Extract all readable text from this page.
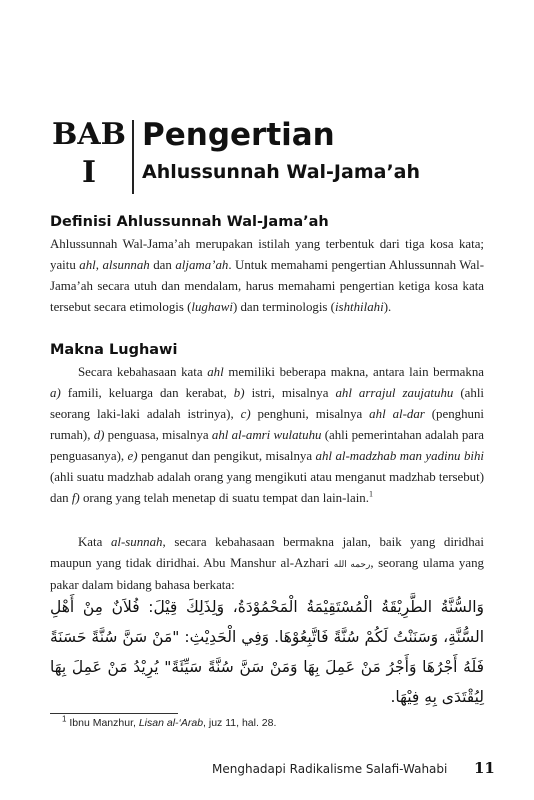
BAB
I
Pengertian
Ahlussunnah Wal-Jama’ah
Definisi Ahlussunnah Wal-Jama’ah

Ahlussunnah Wal-Jama’ah merupakan istilah yang terbentuk dari tiga kosa kata; yaitu ahl, alsunnah dan aljama’ah. Untuk memahami pengertian Ahlussunnah Wal-Jama’ah secara utuh dan mendalam, harus memahami pengertian ketiga kosa kata tersebut secara etimologis (lughawi) dan terminologis (ishthilahi).

Makna Lughawi

Secara kebahasaan kata ahl memiliki beberapa makna, antara lain bermakna a) famili, keluarga dan kerabat, b) istri, misalnya ahl arrajul zaujatuhu (ahli seorang laki-laki adalah istrinya), c) penghuni, misalnya ahl al-dar (penghuni rumah), d) penguasa, misalnya ahl al-amri wulatuhu (ahli pemerintahan adalah para penguasanya), e) penganut dan pengikut, misalnya ahl al-madzhab man yadinu bihi (ahli suatu madzhab adalah orang yang mengikuti atau menganut madzhab tersebut) dan f) orang yang telah menetap di suatu tempat dan lain-lain.$^1$

Kata al-sunnah, secara kebahasaan bermakna jalan, baik yang diridhai maupun yang tidak diridhai. Abu Manshur al-Azhari رحمه الله, seorang ulama yang pakar dalam bidang bahasa berkata:

وَالسُّنَّةُ الطَّرِيْقَةُ الْمُسْتَقِيْمَةُ الْمَحْمُوْدَةُ، وَلِذَلِكَ قِيْلَ: فُلاَنٌ مِنْ أَهْلِ السُّنَّةِ، وَسَنَنْتُ لَكُمْ سُنَّةً فَاتَّبِعُوْهَا. وَفِي الْحَدِيْثِ: "مَنْ سَنَّ سُنَّةً حَسَنَةً فَلَهُ أَجْرُهَا وَأَجْرُ مَنْ عَمِلَ بِهَا وَمَنْ سَنَّ سُنَّةً سَيِّئَةً" يُرِيْدُ مَنْ عَمِلَ بِهَا لِيُقْتَدَى بِهِ فِيْهَا.
$^1$ Ibnu Manzhur, Lisan al-‘Arab, juz 11, hal. 28.
Menghadapi Radikalisme Salafi-Wahabi 11
